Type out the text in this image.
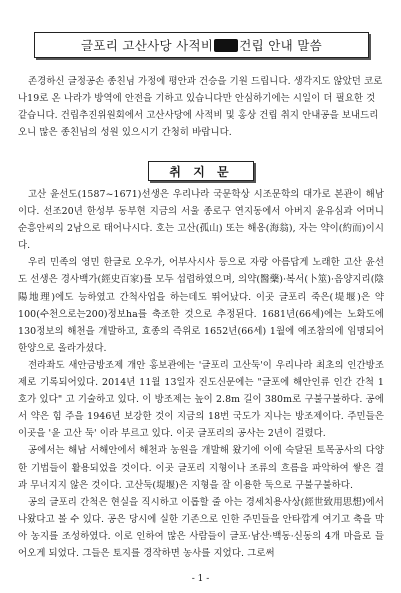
글포리 고산사당 사적비 건립 안내 말씀

존경하신 글정공손 종친님 가정에 평안과 건승을 기원 드립니다. 생각지도 않았던 코로나19로 온 나라가 방역에 안전을 기하고 있습니다만 안심하기에는 시일이 더 필요한 것 같습니다. 건립추진위원회에서 고산사당에 사적비 및 홍상 건립 취지 안내공을 보내드리오니 많은 종친님의 성원 있으시기 간청히 바랍니다.

취 지 문

고산 윤선도(1587~1671)선생은 우리나라 국문학상 시조문학의 대가로 본관이 해남이다. 선조20년 한성부 동부현 지금의 서울 종로구 연지동에서 아버지 윤유심과 어머니 순흥안씨의 2남으로 태어나시다. 호는 고산(孤山) 또는 해옹(海翁), 자는 약이(約而)이시다.

우리 민족의 영민 한글로 오우가, 어부사시사 등으로 자랑 아름답게 노래한 고산 윤선도 선생은 경사백가(經史百家)를 모두 섭렵하였으며, 의약(醫藥)·복서(卜筮)·음양지리(陰陽地理)에도 능하였고 간척사업을 하는데도 뛰어났다. 이곳 글포리 죽은(堤堰)은 약100(수천으로는200)정보ha를 축조한 것으로 추정된다. 1681년(66세)에는 노화도에 130정보의 해천을 개발하고, 효종의 즉위로 1652년(66세) 1월에 예조참의에 임명되어 한양으로 올라가셨다.

전라좌도 새안금방조제 개안 홍보관에는 '글포리 고산둑'이 우리나라 최초의 인간방조제로 기록되어있다. 2014년 11월 13일자 진도신문에는 "글포에 해안인류 인간 간척 1호가 있다" 고 기술하고 있다. 이 방조제는 높이 2.8m 길이 380m로 구불구불하다. 공에서 약은 힘 주을 1946년 보강한 것이 지금의 18번 국도가 지나는 방조제이다. 주민들은 이곳을 '윤 고산 둑' 이라 부르고 있다. 이곳 글포리의 공사는 2년이 걸렸다.

공에서는 해남 서해안에서 해천과 농원을 개발해 왔기에 이에 숙달된 토목공사의 다양한 기법들이 활용되었을 것이다. 이곳 글포리 지형이나 조류의 흐름을 파악하여 쌓은 결과 무너지지 않은 것이다. 고산둑(堤堰)은 지형을 잘 이용한 둑으로 구불구불하다.

공의 글포리 간척은 현실을 직시하고 이롭할 줄 아는 경세치용사상(經世致用思想)에서 나왔다고 볼 수 있다. 공은 당시에 실한 기존으로 인한 주민들을 안타깝게 여기고 축을 막아 농지를 조성하였다. 이로 인하여 많은 사람들이 글포·남산·백동·신동의 4개 마을로 들어오게 되었다. 그들은 토지를 경작하면 농사를 지었다. 그로써

- 1 -
